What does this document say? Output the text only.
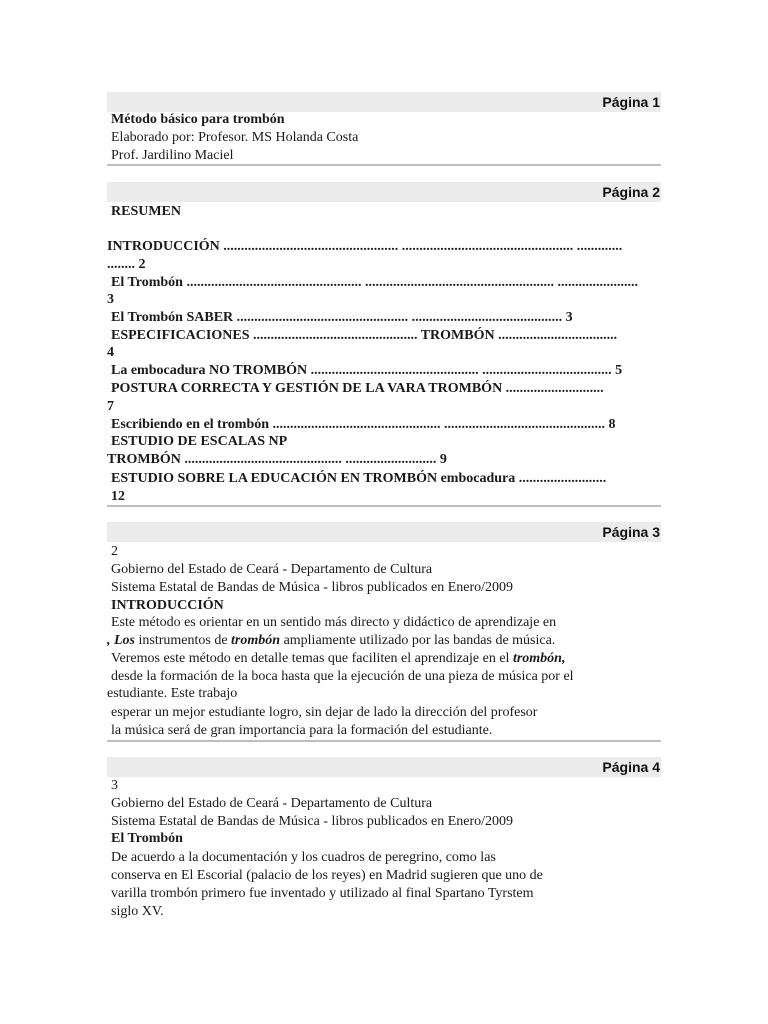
Página 1
Método básico para trombón
Elaborado por: Profesor. MS Holanda Costa
Prof. Jardilino Maciel
Página 2
RESUMEN
INTRODUCCIÓN .................................................. ................................................. .............
........ 2
El Trombón .................................................. ...................................................... .......................
3
El Trombón SABER ................................................. ........................................... 3
ESPECIFICACIONES ............................................... TROMBÓN ..................................
4
La embocadura NO TROMBÓN ................................................ ..................................... 5
POSTURA CORRECTA Y GESTIÓN DE LA VARA TROMBÓN ............................
7
Escribiendo en el trombón ................................................ .............................................. 8
ESTUDIO DE ESCALAS NP
TROMBÓN ............................................. .......................... 9
ESTUDIO SOBRE LA EDUCACIÓN EN TROMBÓN embocadura .........................
12
Página 3
2
Gobierno del Estado de Ceará - Departamento de Cultura
Sistema Estatal de Bandas de Música - libros publicados en Enero/2009
INTRODUCCIÓN
Este método es orientar en un sentido más directo y didáctico de aprendizaje en
, Los instrumentos de trombón ampliamente utilizado por las bandas de música.
Veremos este método en detalle temas que faciliten el aprendizaje en el trombón,
desde la formación de la boca hasta que la ejecución de una pieza de música por el
estudiante. Este trabajo
esperar un mejor estudiante logro, sin dejar de lado la dirección del profesor
la música será de gran importancia para la formación del estudiante.
Página 4
3
Gobierno del Estado de Ceará - Departamento de Cultura
Sistema Estatal de Bandas de Música - libros publicados en Enero/2009
El Trombón
De acuerdo a la documentación y los cuadros de peregrino, como las
conserva en El Escorial (palacio de los reyes) en Madrid sugieren que uno de
varilla trombón primero fue inventado y utilizado al final Spartano Tyrstem
siglo XV.
